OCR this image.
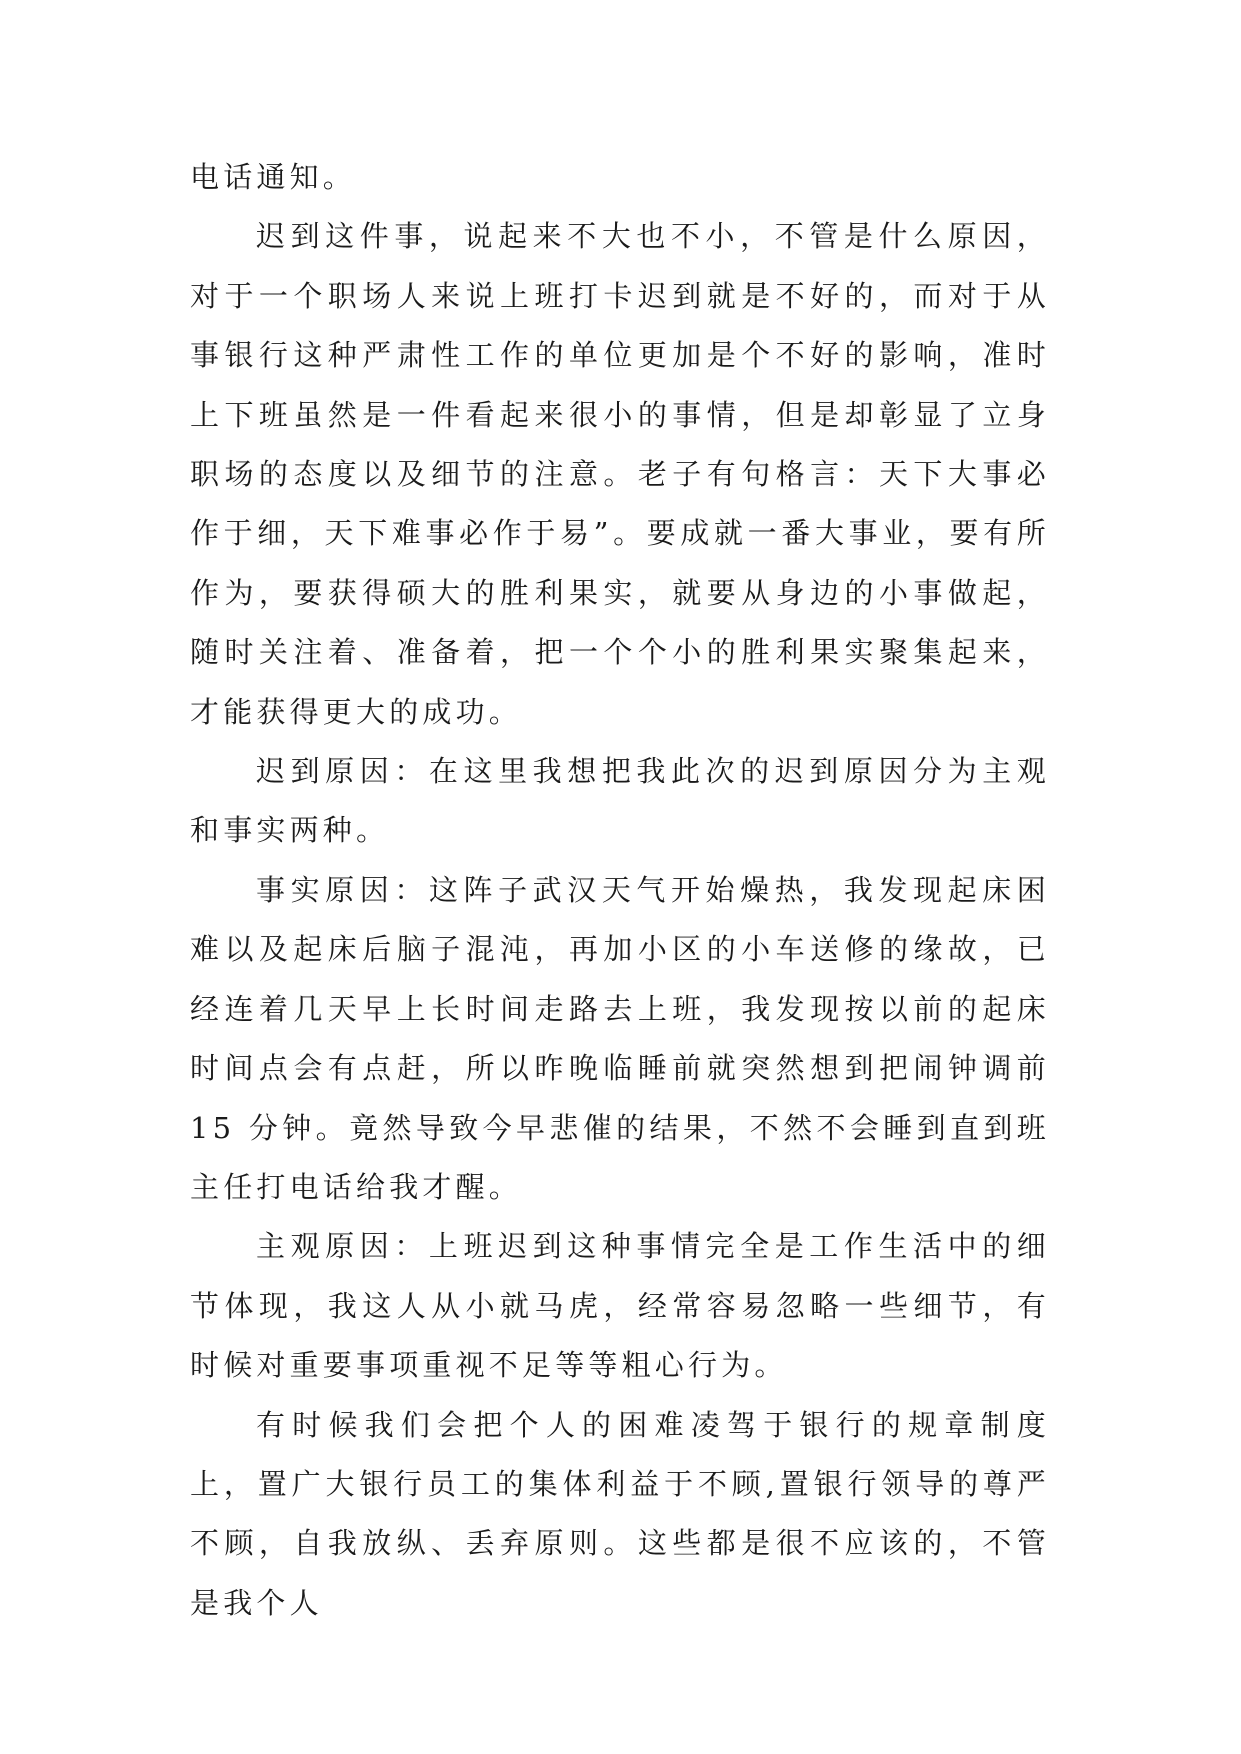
电话通知。

迟到这件事，说起来不大也不小，不管是什么原因，对于一个职场人来说上班打卡迟到就是不好的，而对于从事银行这种严肃性工作的单位更加是个不好的影响，准时上下班虽然是一件看起来很小的事情，但是却彰显了立身职场的态度以及细节的注意。老子有句格言：天下大事必作于细，天下难事必作于易”。要成就一番大事业，要有所作为，要获得硕大的胜利果实，就要从身边的小事做起，随时关注着、准备着，把一个个小的胜利果实聚集起来，才能获得更大的成功。

迟到原因：在这里我想把我此次的迟到原因分为主观和事实两种。

事实原因：这阵子武汉天气开始燥热，我发现起床困难以及起床后脑子混沌，再加小区的小车送修的缘故，已经连着几天早上长时间走路去上班，我发现按以前的起床时间点会有点赶，所以昨晚临睡前就突然想到把闹钟调前 15 分钟。竟然导致今早悲催的结果，不然不会睡到直到班主任打电话给我才醒。

主观原因：上班迟到这种事情完全是工作生活中的细节体现，我这人从小就马虎，经常容易忽略一些细节，有时候对重要事项重视不足等等粗心行为。

有时候我们会把个人的困难凌驾于银行的规章制度上，置广大银行员工的集体利益于不顾,置银行领导的尊严不顾，自我放纵、丢弃原则。这些都是很不应该的，不管是我个人
